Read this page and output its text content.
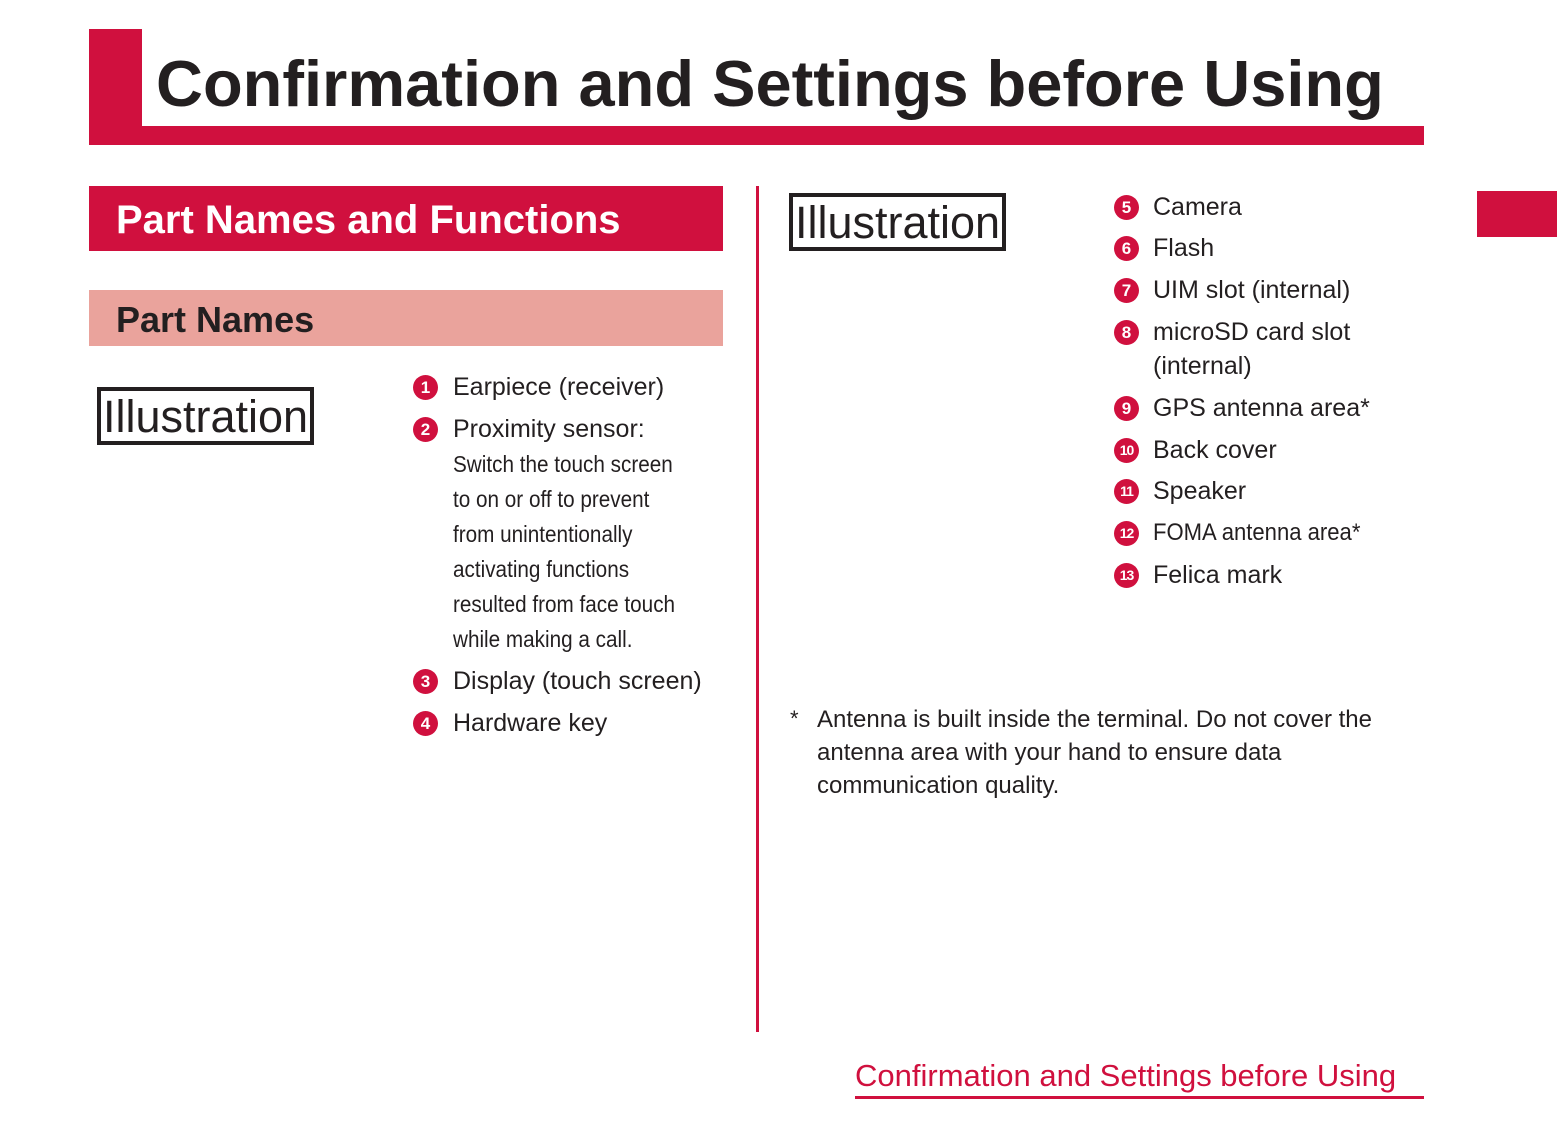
Confirmation and Settings before Using
Part Names and Functions
Part Names
Illustration
Illustration
1 Earpiece (receiver)
2 Proximity sensor:
Switch the touch screen
to on or off to prevent
from unintentionally
activating functions
resulted from face touch
while making a call.
3 Display (touch screen)
4 Hardware key
5 Camera
6 Flash
7 UIM slot (internal)
8 microSD card slot
(internal)
9 GPS antenna area*
10 Back cover
11 Speaker
12 FOMA antenna area*
13 Felica mark
* Antenna is built inside the terminal. Do not cover the antenna area with your hand to ensure data communication quality.
Confirmation and Settings before Using
